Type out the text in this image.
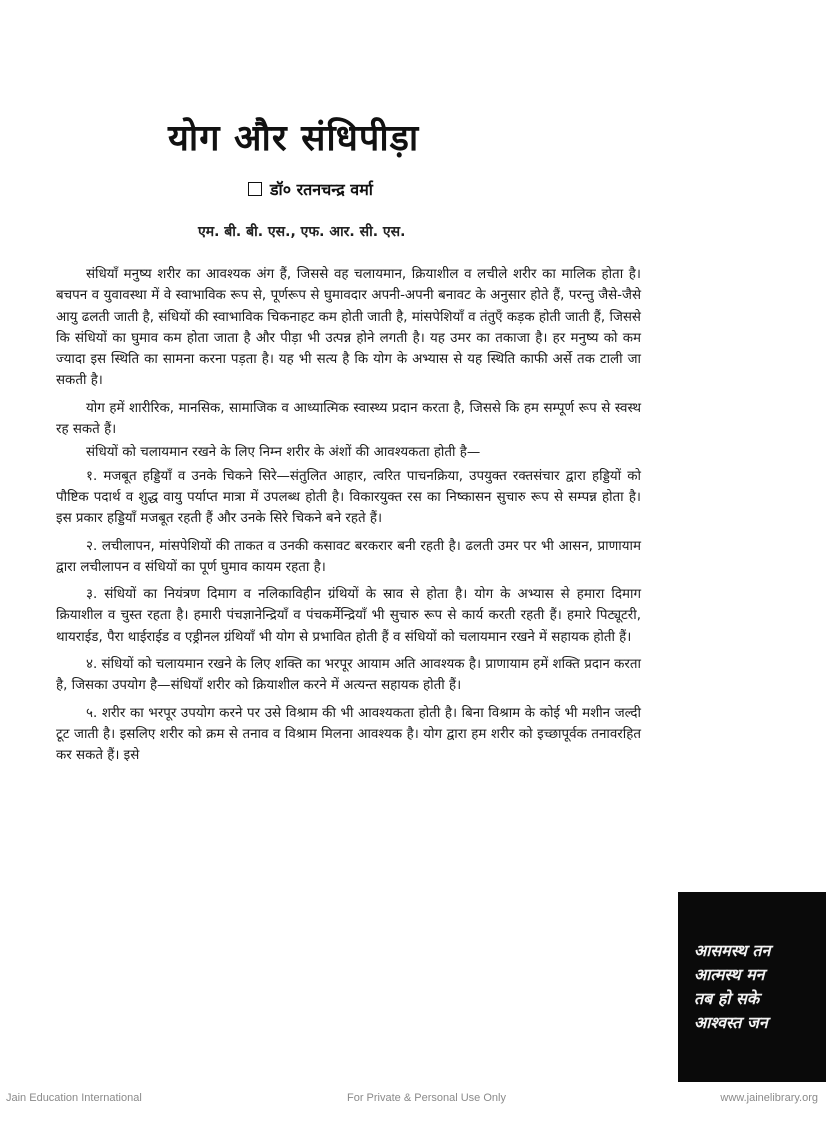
योग और संधिपीड़ा
डॉ० रतनचन्द्र वर्मा
एम. बी. बी. एस., एफ. आर. सी. एस.

संधियाँ मनुष्य शरीर का आवश्यक अंग हैं, जिससे वह चलायमान, क्रियाशील व लचीले शरीर का मालिक होता है। बचपन व युवावस्था में वे स्वाभाविक रूप से, पूर्णरूप से घुमावदार अपनी-अपनी बनावट के अनुसार होते हैं, परन्तु जैसे-जैसे आयु ढलती जाती है, संधियों की स्वाभाविक चिकनाहट कम होती जाती है, मांसपेशियाँ व तंतुएँ कड़क होती जाती हैं, जिससे कि संधियों का घुमाव कम होता जाता है और पीड़ा भी उत्पन्न होने लगती है। यह उमर का तकाजा है। हर मनुष्य को कम ज्यादा इस स्थिति का सामना करना पड़ता है। यह भी सत्य है कि योग के अभ्यास से यह स्थिति काफी अर्से तक टाली जा सकती है।

योग हमें शारीरिक, मानसिक, सामाजिक व आध्यात्मिक स्वास्थ्य प्रदान करता है, जिससे कि हम सम्पूर्ण रूप से स्वस्थ रह सकते हैं।

संधियों को चलायमान रखने के लिए निम्न शरीर के अंशों की आवश्यकता होती है—

१. मजबूत हड्डियाँ व उनके चिकने सिरे—संतुलित आहार, त्वरित पाचनक्रिया, उपयुक्त रक्तसंचार द्वारा हड्डियों को पौष्टिक पदार्थ व शुद्ध वायु पर्याप्त मात्रा में उपलब्ध होती है। विकारयुक्त रस का निष्कासन सुचारु रूप से सम्पन्न होता है। इस प्रकार हड्डियाँ मजबूत रहती हैं और उनके सिरे चिकने बने रहते हैं।

२. लचीलापन, मांसपेशियों की ताकत व उनकी कसावट बरकरार बनी रहती है। ढलती उमर पर भी आसन, प्राणायाम द्वारा लचीलापन व संधियों का पूर्ण घुमाव कायम रहता है।

३. संधियों का नियंत्रण दिमाग व नलिकाविहीन ग्रंथियों के स्राव से होता है। योग के अभ्यास से हमारा दिमाग क्रियाशील व चुस्त रहता है। हमारी पंचज्ञानेन्द्रियाँ व पंचकर्मेन्द्रियाँ भी सुचारु रूप से कार्य करती रहती हैं। हमारे पिट्यूटरी, थायराईड, पैरा थाईराईड व एड्रीनल ग्रंथियाँ भी योग से प्रभावित होती हैं व संधियों को चलायमान रखने में सहायक होती हैं।

४. संधियों को चलायमान रखने के लिए शक्ति का भरपूर आयाम अति आवश्यक है। प्राणायाम हमें शक्ति प्रदान करता है, जिसका उपयोग है—संधियाँ शरीर को क्रियाशील करने में अत्यन्त सहायक होती हैं।

५. शरीर का भरपूर उपयोग करने पर उसे विश्राम की भी आवश्यकता होती है। बिना विश्राम के कोई भी मशीन जल्दी टूट जाती है। इसलिए शरीर को क्रम से तनाव व विश्राम मिलना आवश्यक है। योग द्वारा हम शरीर को इच्छापूर्वक तनावरहित कर सकते हैं। इसे

आसमस्थ तन
आत्मस्थ मन
तब हो सके
आश्वस्त जन
Jain Education International	For Private & Personal Use Only	www.jainelibrary.org
